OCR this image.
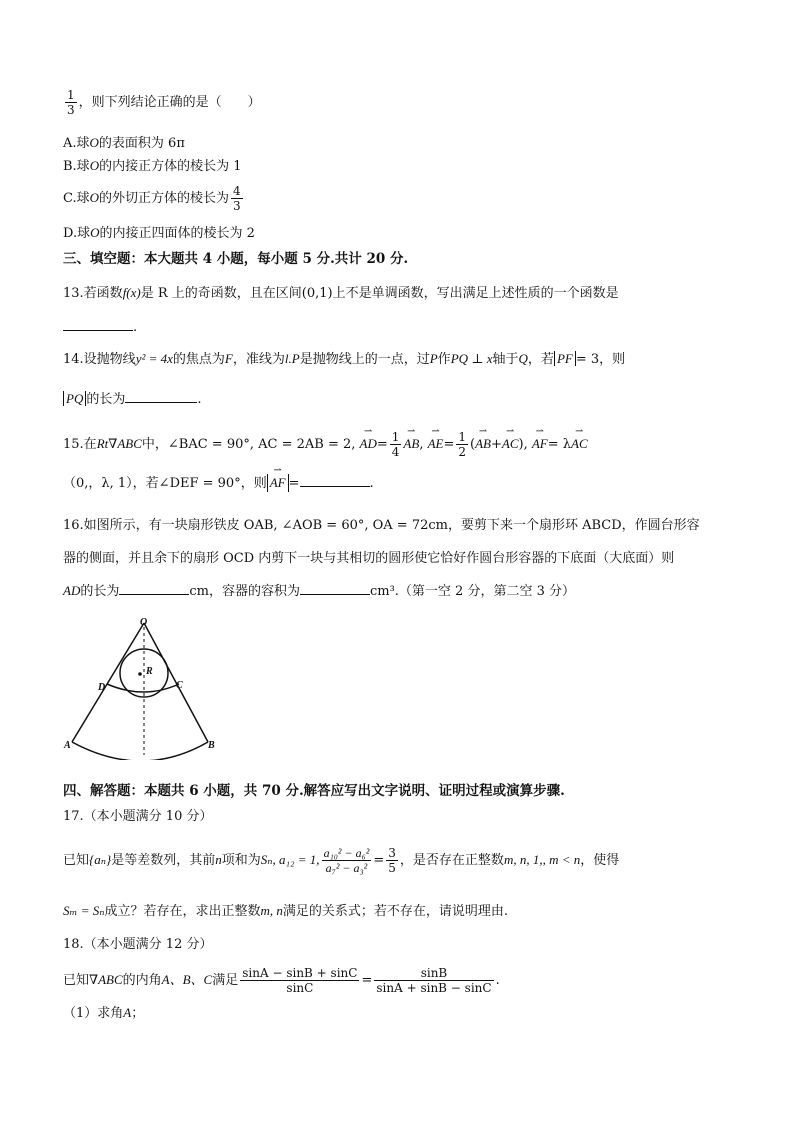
$\frac{1}{3}$ ，则下列结论正确的是（　　）
A.球O的表面积为 6π
B.球O的内接正方体的棱长为 1
C.球O的外切正方体的棱长为 $\frac{4}{3}$
D.球O的内接正四面体的棱长为 2
三、填空题：本大题共 4 小题，每小题 5 分.共计 20 分.
13.若函数f(x)是 R 上的奇函数，且在区间(0,1)上不是单调函数，写出满足上述性质的一个函数是
.
14.设抛物线y² = 4x的焦点为F，准线为l.P是抛物线上的一点，过P作PQ ⊥ x轴于Q，若 PF = 3，则
PQ 的长为	.
15.在Rt∇ABC中，∠BAC = 90°, AC = 2AB = 2, ⇀ $AD= \frac{1}{4}$ ⇀ AB, ⇀ $AE= \frac{1}{2}$ (⇀ AB+⇀ AC), ⇀ AF= λ⇀ AC
（0,，λ, 1），若∠DEF = 90°，则 ⇀ AF =	.
16.如图所示，有一块扇形铁皮 OAB, ∠AOB = 60°, OA = 72cm，要剪下来一个扇形环 ABCD，作圆台形容
器的侧面，并且余下的扇形 OCD 内剪下一块与其相切的圆形使它恰好作圆台形容器的下底面（大底面）则
AD的长为	cm，容器的容积为	cm³.（第一空 2 分，第二空 3 分）
O
R
D	C
A	B
四、解答题：本题共 6 小题，共 70 分.解答应写出文字说明、证明过程或演算步骤.
17.（本小题满分 10 分）
已知{aₙ}是等差数列，其前n项和为Sₙ, a₁₂ = 1, $\frac{\text{a₁₀² − a₆²}}{\text{a₇² − a₃²}} = \frac{3}{5}$ ，是否存在正整数m, n, 1,, m < n，使得
Sₘ = Sₙ成立？若存在，求出正整数m, n满足的关系式；若不存在，请说明理由.
18.（本小题满分 12 分）
已知∇ABC的内角A、B、C满足 $\frac{\sin A - \sin B + \sin C}{\sin C} = \frac{\sin B}{\sin A + \sin B - \sin C}$ .
（1）求角A；
